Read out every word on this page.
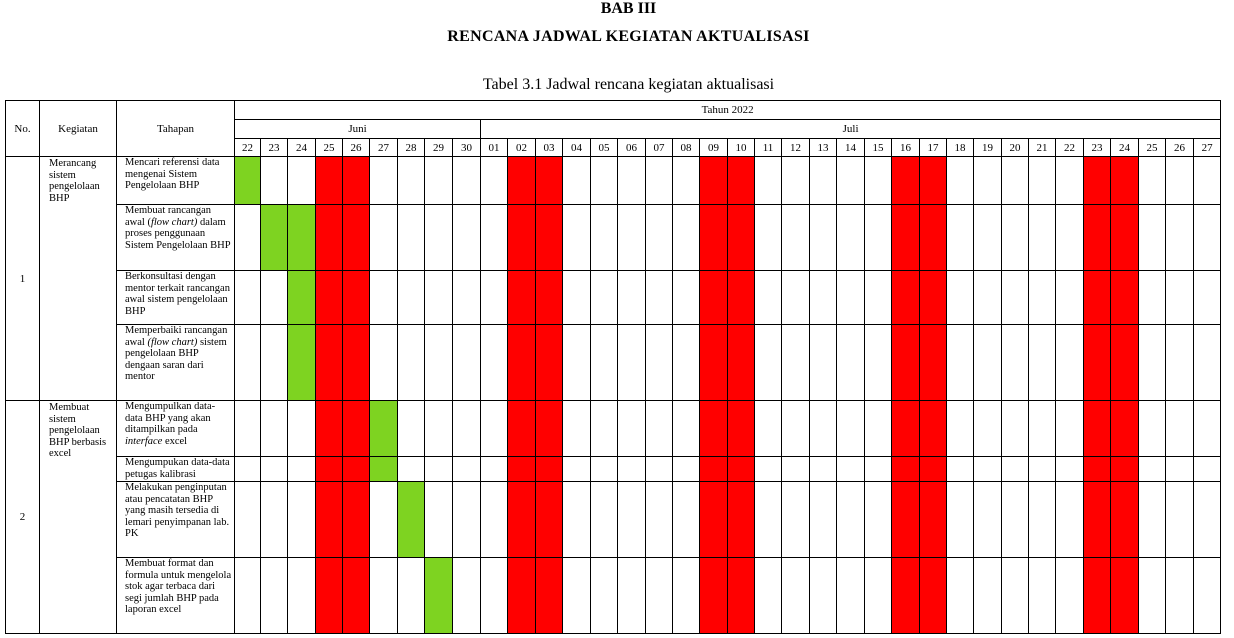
BAB III
RENCANA JADWAL KEGIATAN AKTUALISASI
Tabel 3.1 Jadwal rencana kegiatan aktualisasi
No.	Kegiatan	Tahapan	Tahun 2022																																			
			Juni									Juli																										
			22	23	24	25	26	27	28	29	30	01	02	03	04	05	06	07	08	09	10	11	12	13	14	15	16	17	18	19	20	21	22	23	24	25	26	27
1	Merancang sistem pengelolaan BHP	Mencari referensi data mengenai Sistem Pengelolaan BHP																																				
		Membuat rancangan awal (flow chart) dalam proses penggunaan Sistem Pengelolaan BHP																																				
		Berkonsultasi dengan mentor terkait rancangan awal sistem pengelolaan BHP																																				
		Memperbaiki rancangan awal (flow chart) sistem pengelolaan BHP dengaan saran dari mentor																																				
2	Membuat sistem pengelolaan BHP berbasis excel	Mengumpulkan data-data BHP yang akan ditampilkan pada interface excel																																				
		Mengumpukan data-data petugas kalibrasi																																				
		Melakukan penginputan atau pencatatan BHP yang masih tersedia di lemari penyimpanan lab. PK																																				
		Membuat format dan formula untuk mengelola stok agar terbaca dari segi jumlah BHP pada laporan excel																																				
